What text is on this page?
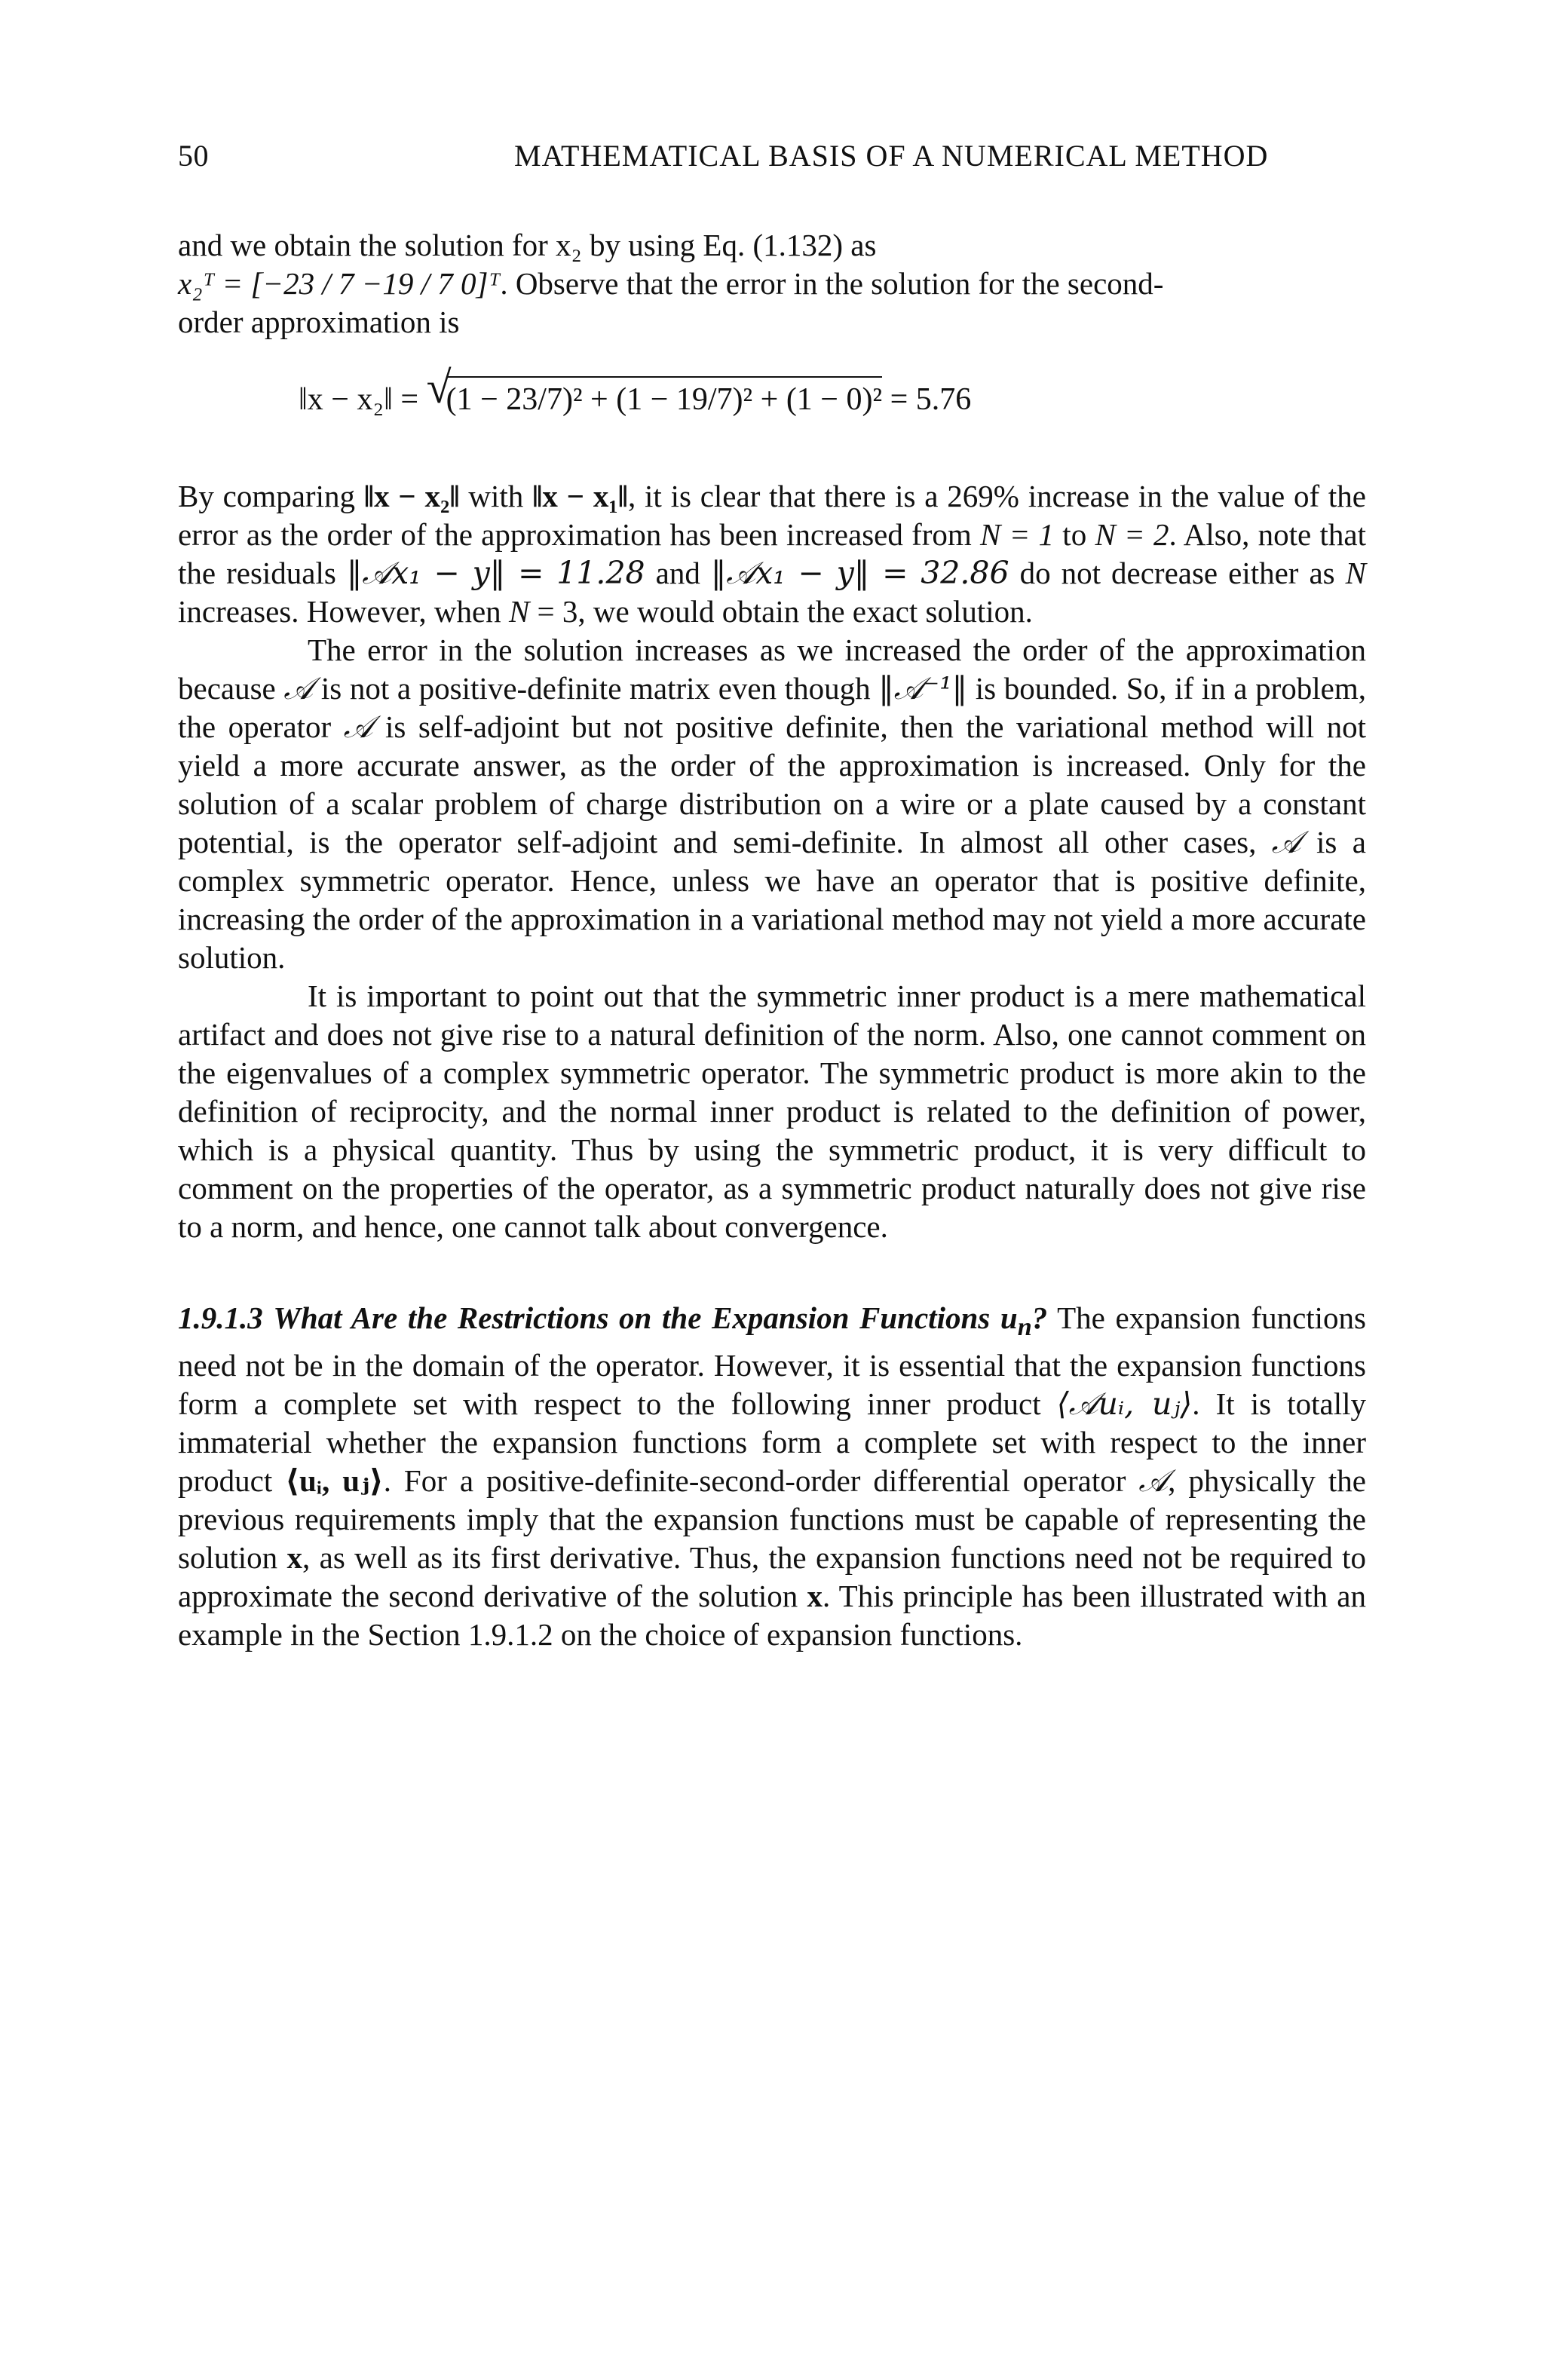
50	MATHEMATICAL BASIS OF A NUMERICAL METHOD

and we obtain the solution for x₂ by using Eq. (1.132) as
x₂ᵀ = [−23 / 7 −19 / 7 0]ᵀ. Observe that the error in the solution for the second-
order approximation is

‖x − x₂‖ = √
(1 − 23/7)² + (1 − 19/7)² + (1 − 0)² = 5.76

By comparing ‖x − x₂‖ with ‖x − x₁‖, it is clear that there is a 269% increase in the value of the error as the order of the approximation has been increased from N = 1 to N = 2. Also, note that the residuals ‖𝒜x₁ − y‖ = 11.28 and ‖𝒜x₁ − y‖ = 32.86 do not decrease either as N increases. However, when N = 3, we would obtain the exact solution.

The error in the solution increases as we increased the order of the approximation because 𝒜 is not a positive-definite matrix even though ‖𝒜⁻¹‖ is bounded. So, if in a problem, the operator 𝒜 is self-adjoint but not positive definite, then the variational method will not yield a more accurate answer, as the order of the approximation is increased. Only for the solution of a scalar problem of charge distribution on a wire or a plate caused by a constant potential, is the operator self-adjoint and semi-definite. In almost all other cases, 𝒜 is a complex symmetric operator. Hence, unless we have an operator that is positive definite, increasing the order of the approximation in a variational method may not yield a more accurate solution.

It is important to point out that the symmetric inner product is a mere mathematical artifact and does not give rise to a natural definition of the norm. Also, one cannot comment on the eigenvalues of a complex symmetric operator. The symmetric product is more akin to the definition of reciprocity, and the normal inner product is related to the definition of power, which is a physical quantity. Thus by using the symmetric product, it is very difficult to comment on the properties of the operator, as a symmetric product naturally does not give rise to a norm, and hence, one cannot talk about convergence.

1.9.1.3 What Are the Restrictions on the Expansion Functions $u_n$? The expansion functions need not be in the domain of the operator. However, it is essential that the expansion functions form a complete set with respect to the following inner product ⟨𝒜uᵢ, uⱼ⟩. It is totally immaterial whether the expansion functions form a complete set with respect to the inner product ⟨uᵢ, uⱼ⟩. For a positive-definite-second-order differential operator 𝒜, physically the previous requirements imply that the expansion functions must be capable of representing the solution x, as well as its first derivative. Thus, the expansion functions need not be required to approximate the second derivative of the solution x. This principle has been illustrated with an example in the Section 1.9.1.2 on the choice of expansion functions.
